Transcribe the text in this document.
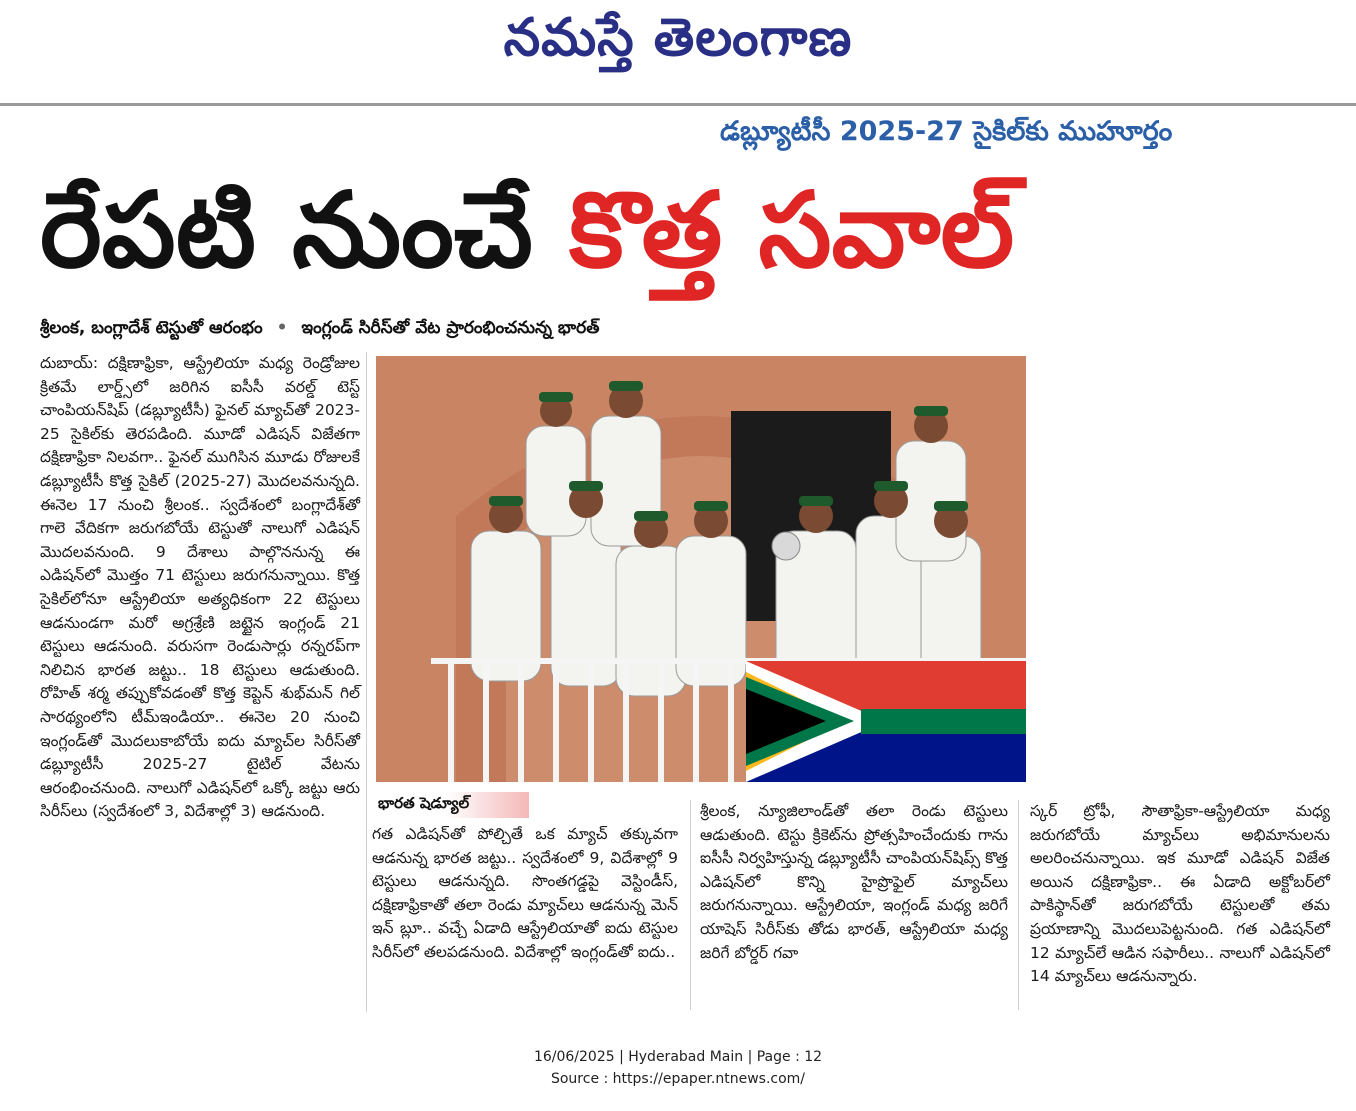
నమస్తే తెలంగాణ
డబ్ల్యూటీసీ 2025-27 సైకిల్‌కు ముహూర్తం
రేపటి నుంచే కొత్త సవాల్
శ్రీలంక, బంగ్లాదేశ్ టెస్టుతో ఆరంభం • ఇంగ్లండ్ సిరీస్‌తో వేట ప్రారంభించనున్న భారత్
దుబాయ్: దక్షిణాఫ్రికా, ఆస్ట్రేలియా మధ్య రెండ్రోజుల క్రితమే లార్డ్స్‌లో జరిగిన ఐసీసీ వరల్డ్ టెస్ట్ చాంపియన్‌షిప్ (డబ్ల్యూటీసీ) ఫైనల్ మ్యాచ్‌తో 2023-25 సైకిల్‌కు తెరపడింది. మూడో ఎడిషన్ విజేతగా దక్షిణాఫ్రికా నిలవగా.. ఫైనల్ ముగిసిన మూడు రోజులకే డబ్ల్యూటీసీ కొత్త సైకిల్ (2025-27) మొదలవనున్నది. ఈనెల 17 నుంచి శ్రీలంక.. స్వదేశంలో బంగ్లాదేశ్‌తో గాలె వేదికగా జరుగబోయే టెస్టుతో నాలుగో ఎడిషన్ మొదలవనుంది. 9 దేశాలు పాల్గొననున్న ఈ ఎడిషన్‌లో మొత్తం 71 టెస్టులు జరుగనున్నాయి. కొత్త సైకిల్‌లోనూ ఆస్ట్రేలియా అత్యధికంగా 22 టెస్టులు ఆడనుండగా మరో అగ్రశ్రేణి జట్టైన ఇంగ్లండ్ 21 టెస్టులు ఆడనుంది. వరుసగా రెండుసార్లు రన్నరప్‌గా నిలిచిన భారత జట్టు.. 18 టెస్టులు ఆడుతుంది. రోహిత్ శర్మ తప్పుకోవడంతో కొత్త కెప్టెన్ శుభ్‌మన్ గిల్ సారథ్యంలోని టీమ్ఇండియా.. ఈనెల 20 నుంచి ఇంగ్లండ్‌తో మొదలుకాబోయే ఐదు మ్యాచ్‌ల సిరీస్‌తో డబ్ల్యూటీసీ 2025-27 టైటిల్ వేటను ఆరంభించనుంది. నాలుగో ఎడిషన్‌లో ఒక్కో జట్టు ఆరు సిరీస్‌లు (స్వదేశంలో 3, విదేశాల్లో 3) ఆడనుంది.	భారత షెడ్యూల్
గత ఎడిషన్‌తో పోల్చితే ఒక మ్యాచ్ తక్కువగా ఆడనున్న భారత జట్టు.. స్వదేశంలో 9, విదేశాల్లో 9 టెస్టులు ఆడనున్నది. సొంతగడ్డపై వెస్టిండీస్, దక్షిణాఫ్రికాతో తలా రెండు మ్యాచ్‌లు ఆడనున్న మెన్ ఇన్ బ్లూ.. వచ్చే ఏడాది ఆస్ట్రేలియాతో ఐదు టెస్టుల సిరీస్‌లో తలపడనుంది. విదేశాల్లో ఇంగ్లండ్‌తో ఐదు..
శ్రీలంక, న్యూజిలాండ్‌తో తలా రెండు టెస్టులు ఆడుతుంది. టెస్టు క్రికెట్‌ను ప్రోత్సహించేందుకు గాను ఐసీసీ నిర్వహిస్తున్న డబ్ల్యూటీసీ చాంపియన్‌షిప్స్ కొత్త ఎడిషన్‌లో కొన్ని హైప్రొఫైల్ మ్యాచ్‌లు జరుగనున్నాయి. ఆస్ట్రేలియా, ఇంగ్లండ్ మధ్య జరిగే యాషెస్ సిరీస్‌కు తోడు భారత్, ఆస్ట్రేలియా మధ్య జరిగే బోర్డర్ గవా
స్కర్ ట్రోఫీ, సౌతాఫ్రికా-ఆస్ట్రేలియా మధ్య జరుగబోయే మ్యాచ్‌లు అభిమానులను అలరించనున్నాయి. ఇక మూడో ఎడిషన్ విజేత అయిన దక్షిణాఫ్రికా.. ఈ ఏడాది అక్టోబర్‌లో పాకిస్థాన్‌తో జరుగబోయే టెస్టులతో తమ ప్రయాణాన్ని మొదలుపెట్టనుంది. గత ఎడిషన్‌లో 12 మ్యాచ్‌లే ఆడిన సఫారీలు.. నాలుగో ఎడిషన్‌లో 14 మ్యాచ్‌లు ఆడనున్నారు.
16/06/2025 | Hyderabad Main | Page : 12
Source : https://epaper.ntnews.com/
